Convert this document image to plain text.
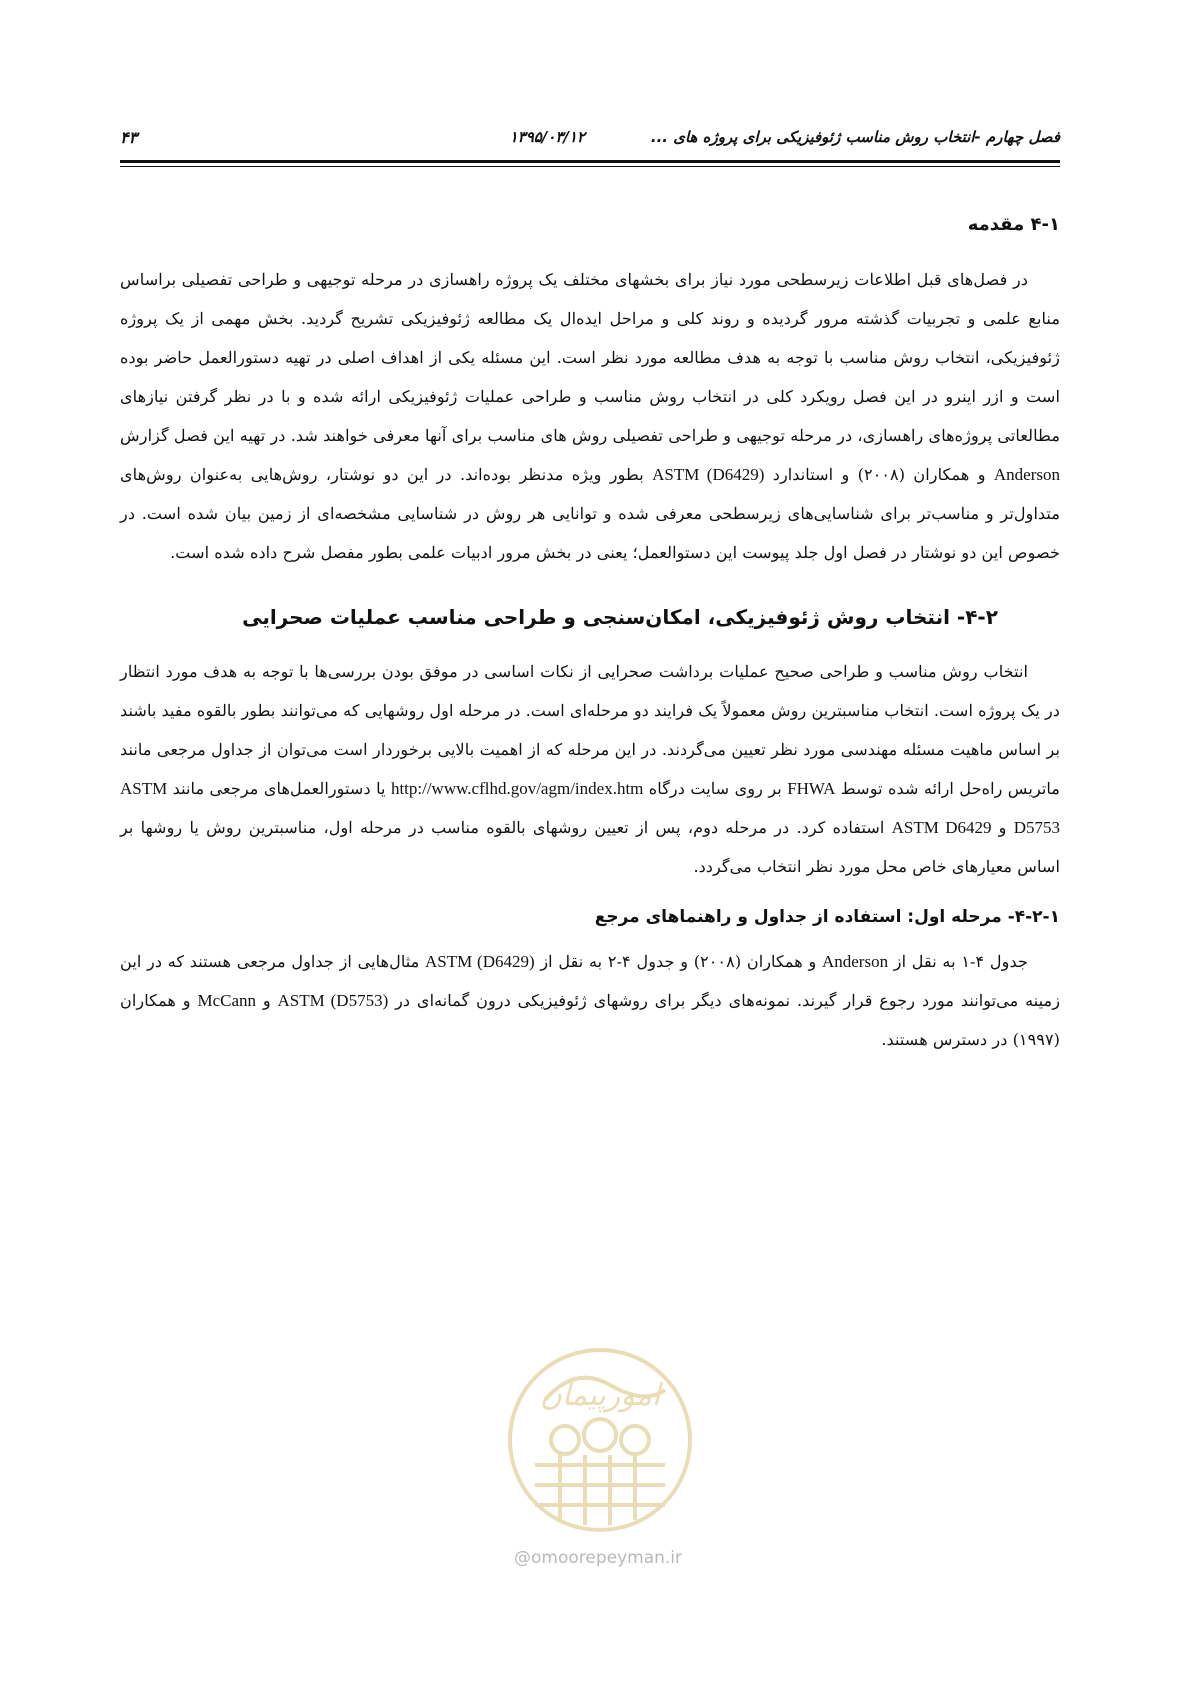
فصل چهارم -انتخاب روش مناسب ژئوفیزیکی برای پروژه های ...
۱۳۹۵/۰۳/۱۲
۴۳
۴-۱ مقدمه

در فصل‌های قبل اطلاعات زیرسطحی مورد نیاز برای بخشهای مختلف یک پروژه راهسازی در مرحله توجیهی و طراحی تفصیلی براساس منابع علمی و تجربیات گذشته مرور گردیده و روند کلی و مراحل ایده‌ال یک مطالعه ژئوفیزیکی تشریح گردید. بخش مهمی از یک پروژه ژئوفیزیکی، انتخاب روش مناسب با توجه به هدف مطالعه مورد نظر است. این مسئله یکی از اهداف اصلی در تهیه دستورالعمل حاضر بوده است و ازر اینرو در این فصل رویکرد کلی در انتخاب روش مناسب و طراحی عملیات ژئوفیزیکی ارائه شده و با در نظر گرفتن نیازهای مطالعاتی پروژه‌های راهسازی، در مرحله توجیهی و طراحی تفصیلی روش های مناسب برای آنها معرفی خواهند شد. در تهیه این فصل گزارش Anderson و همکاران (۲۰۰۸) و استاندارد ASTM (D6429) بطور ویژه مدنظر بوده‌اند. در این دو نوشتار، روش‌هایی به‌عنوان روش‌های متداول‌تر و مناسب‌تر برای شناسایی‌های زیرسطحی معرفی شده و توانایی هر روش در شناسایی مشخصه‌ای از زمین بیان شده است. در خصوص این دو نوشتار در فصل اول جلد پیوست این دستوالعمل؛ یعنی در بخش مرور ادبیات علمی بطور مفصل شرح داده شده است.

۴-۲- انتخاب روش ژئوفیزیکی، امکان‌سنجی و طراحی مناسب عملیات صحرایی

انتخاب روش مناسب و طراحی صحیح عملیات برداشت صحرایی از نکات اساسی در موفق بودن بررسی‌ها با توجه به هدف مورد انتظار در یک پروژه است. انتخاب مناسبترین روش معمولاً یک فرایند دو مرحله‌ای است. در مرحله اول روشهایی که می‌توانند بطور بالقوه مفید باشند بر اساس ماهیت مسئله مهندسی مورد نظر تعیین می‌گردند. در این مرحله که از اهمیت بالایی برخوردار است می‌توان از جداول مرجعی مانند ماتریس راه‌حل ارائه شده توسط FHWA بر روی سایت درگاه http://www.cflhd.gov/agm/index.htm یا دستورالعمل‌های مرجعی مانند ASTM D5753 و ASTM D6429 استفاده کرد. در مرحله دوم، پس از تعیین روشهای بالقوه مناسب در مرحله اول، مناسبترین روش یا روشها بر اساس معیارهای خاص محل مورد نظر انتخاب می‌گردد.

۴-۲-۱- مرحله اول: استفاده از جداول و راهنماهای مرجع

جدول ۴-۱ به نقل از Anderson و همکاران (۲۰۰۸) و جدول ۴-۲ به نقل از ASTM (D6429) مثال‌هایی از جداول مرجعی هستند که در این زمینه می‌توانند مورد رجوع قرار گیرند. نمونه‌های دیگر برای روشهای ژئوفیزیکی درون گمانه‌ای در ASTM (D5753) و McCann و همکاران (۱۹۹۷) در دسترس هستند.

امورپیمان
@omoorepeyman.ir
